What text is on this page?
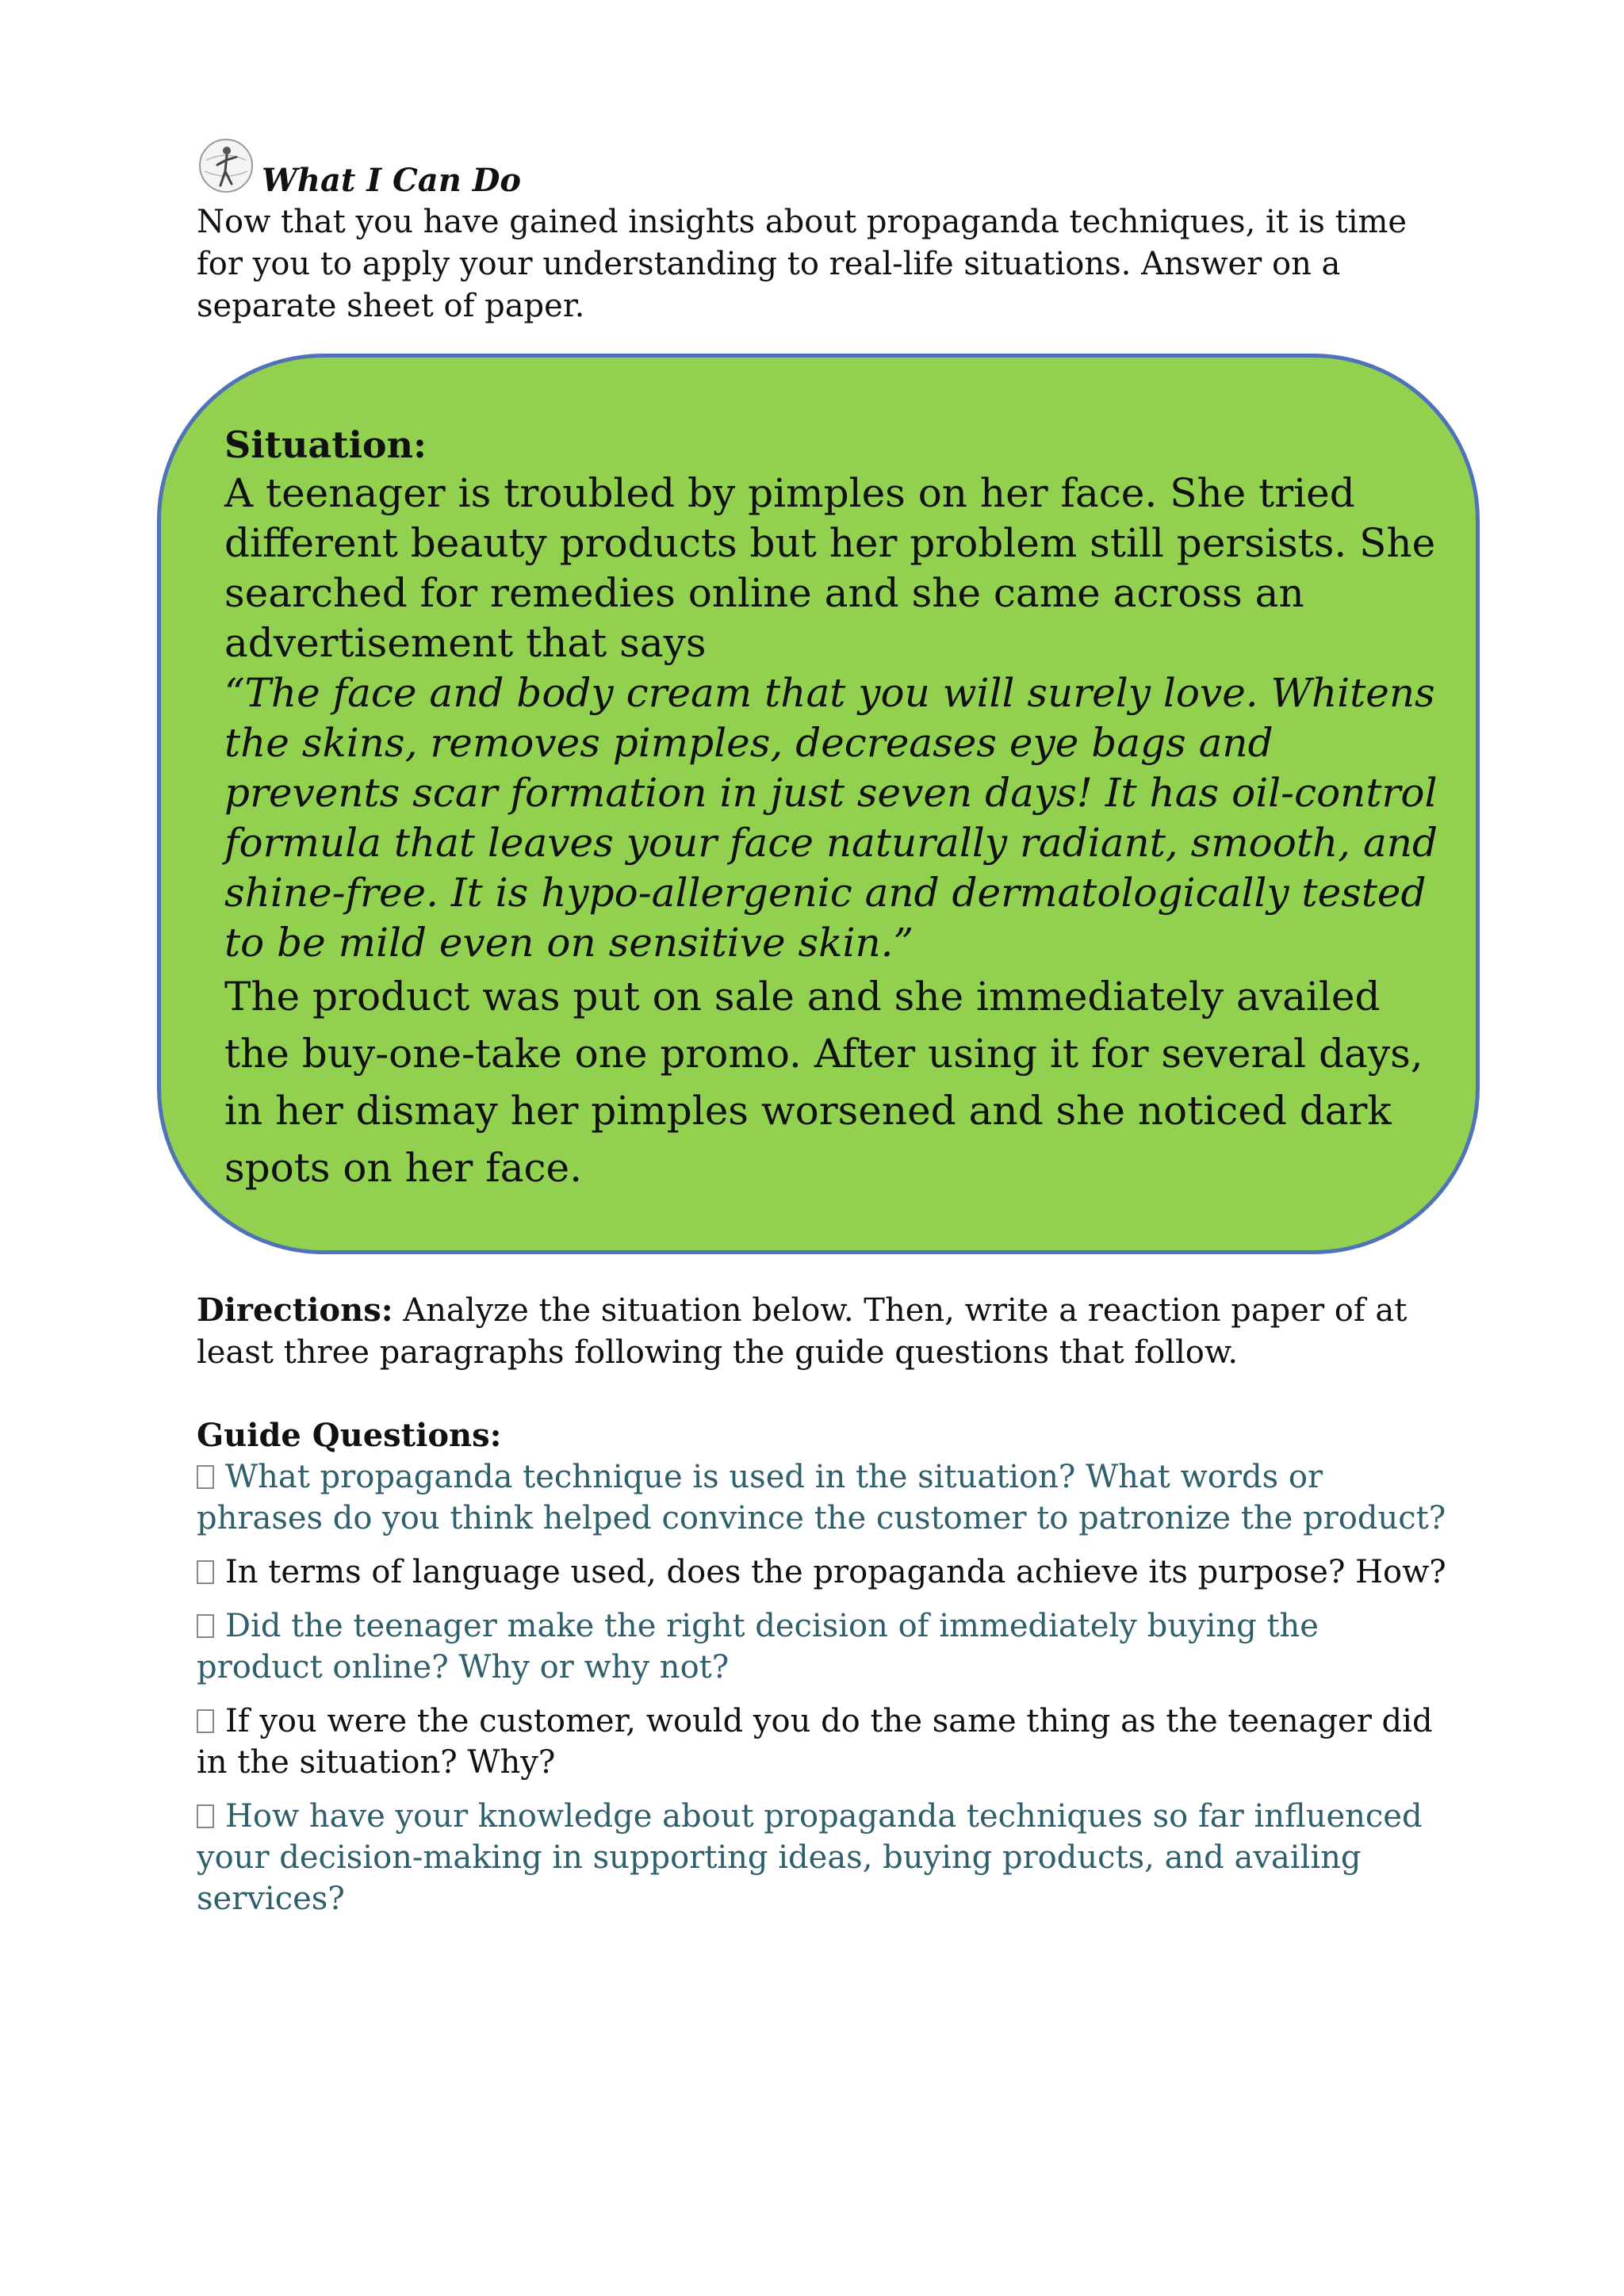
What I Can Do
Now that you have gained insights about propaganda techniques, it is time for you to apply your understanding to real-life situations. Answer on a separate sheet of paper.
Situation:
A teenager is troubled by pimples on her face. She tried different beauty products but her problem still persists. She searched for remedies online and she came across an advertisement that says
“The face and body cream that you will surely love. Whitens the skins, removes pimples, decreases eye bags and prevents scar formation in just seven days! It has oil-control formula that leaves your face naturally radiant, smooth, and shine-free. It is hypo-allergenic and dermatologically tested to be mild even on sensitive skin.”
The product was put on sale and she immediately availed the buy-one-take one promo. After using it for several days, in her dismay her pimples worsened and she noticed dark spots on her face.
Directions: Analyze the situation below. Then, write a reaction paper of at least three paragraphs following the guide questions that follow.
Guide Questions:
What propaganda technique is used in the situation? What words or phrases do you think helped convince the customer to patronize the product?
In terms of language used, does the propaganda achieve its purpose? How?
Did the teenager make the right decision of immediately buying the product online? Why or why not?
If you were the customer, would you do the same thing as the teenager did in the situation? Why?
How have your knowledge about propaganda techniques so far influenced your decision-making in supporting ideas, buying products, and availing services?
